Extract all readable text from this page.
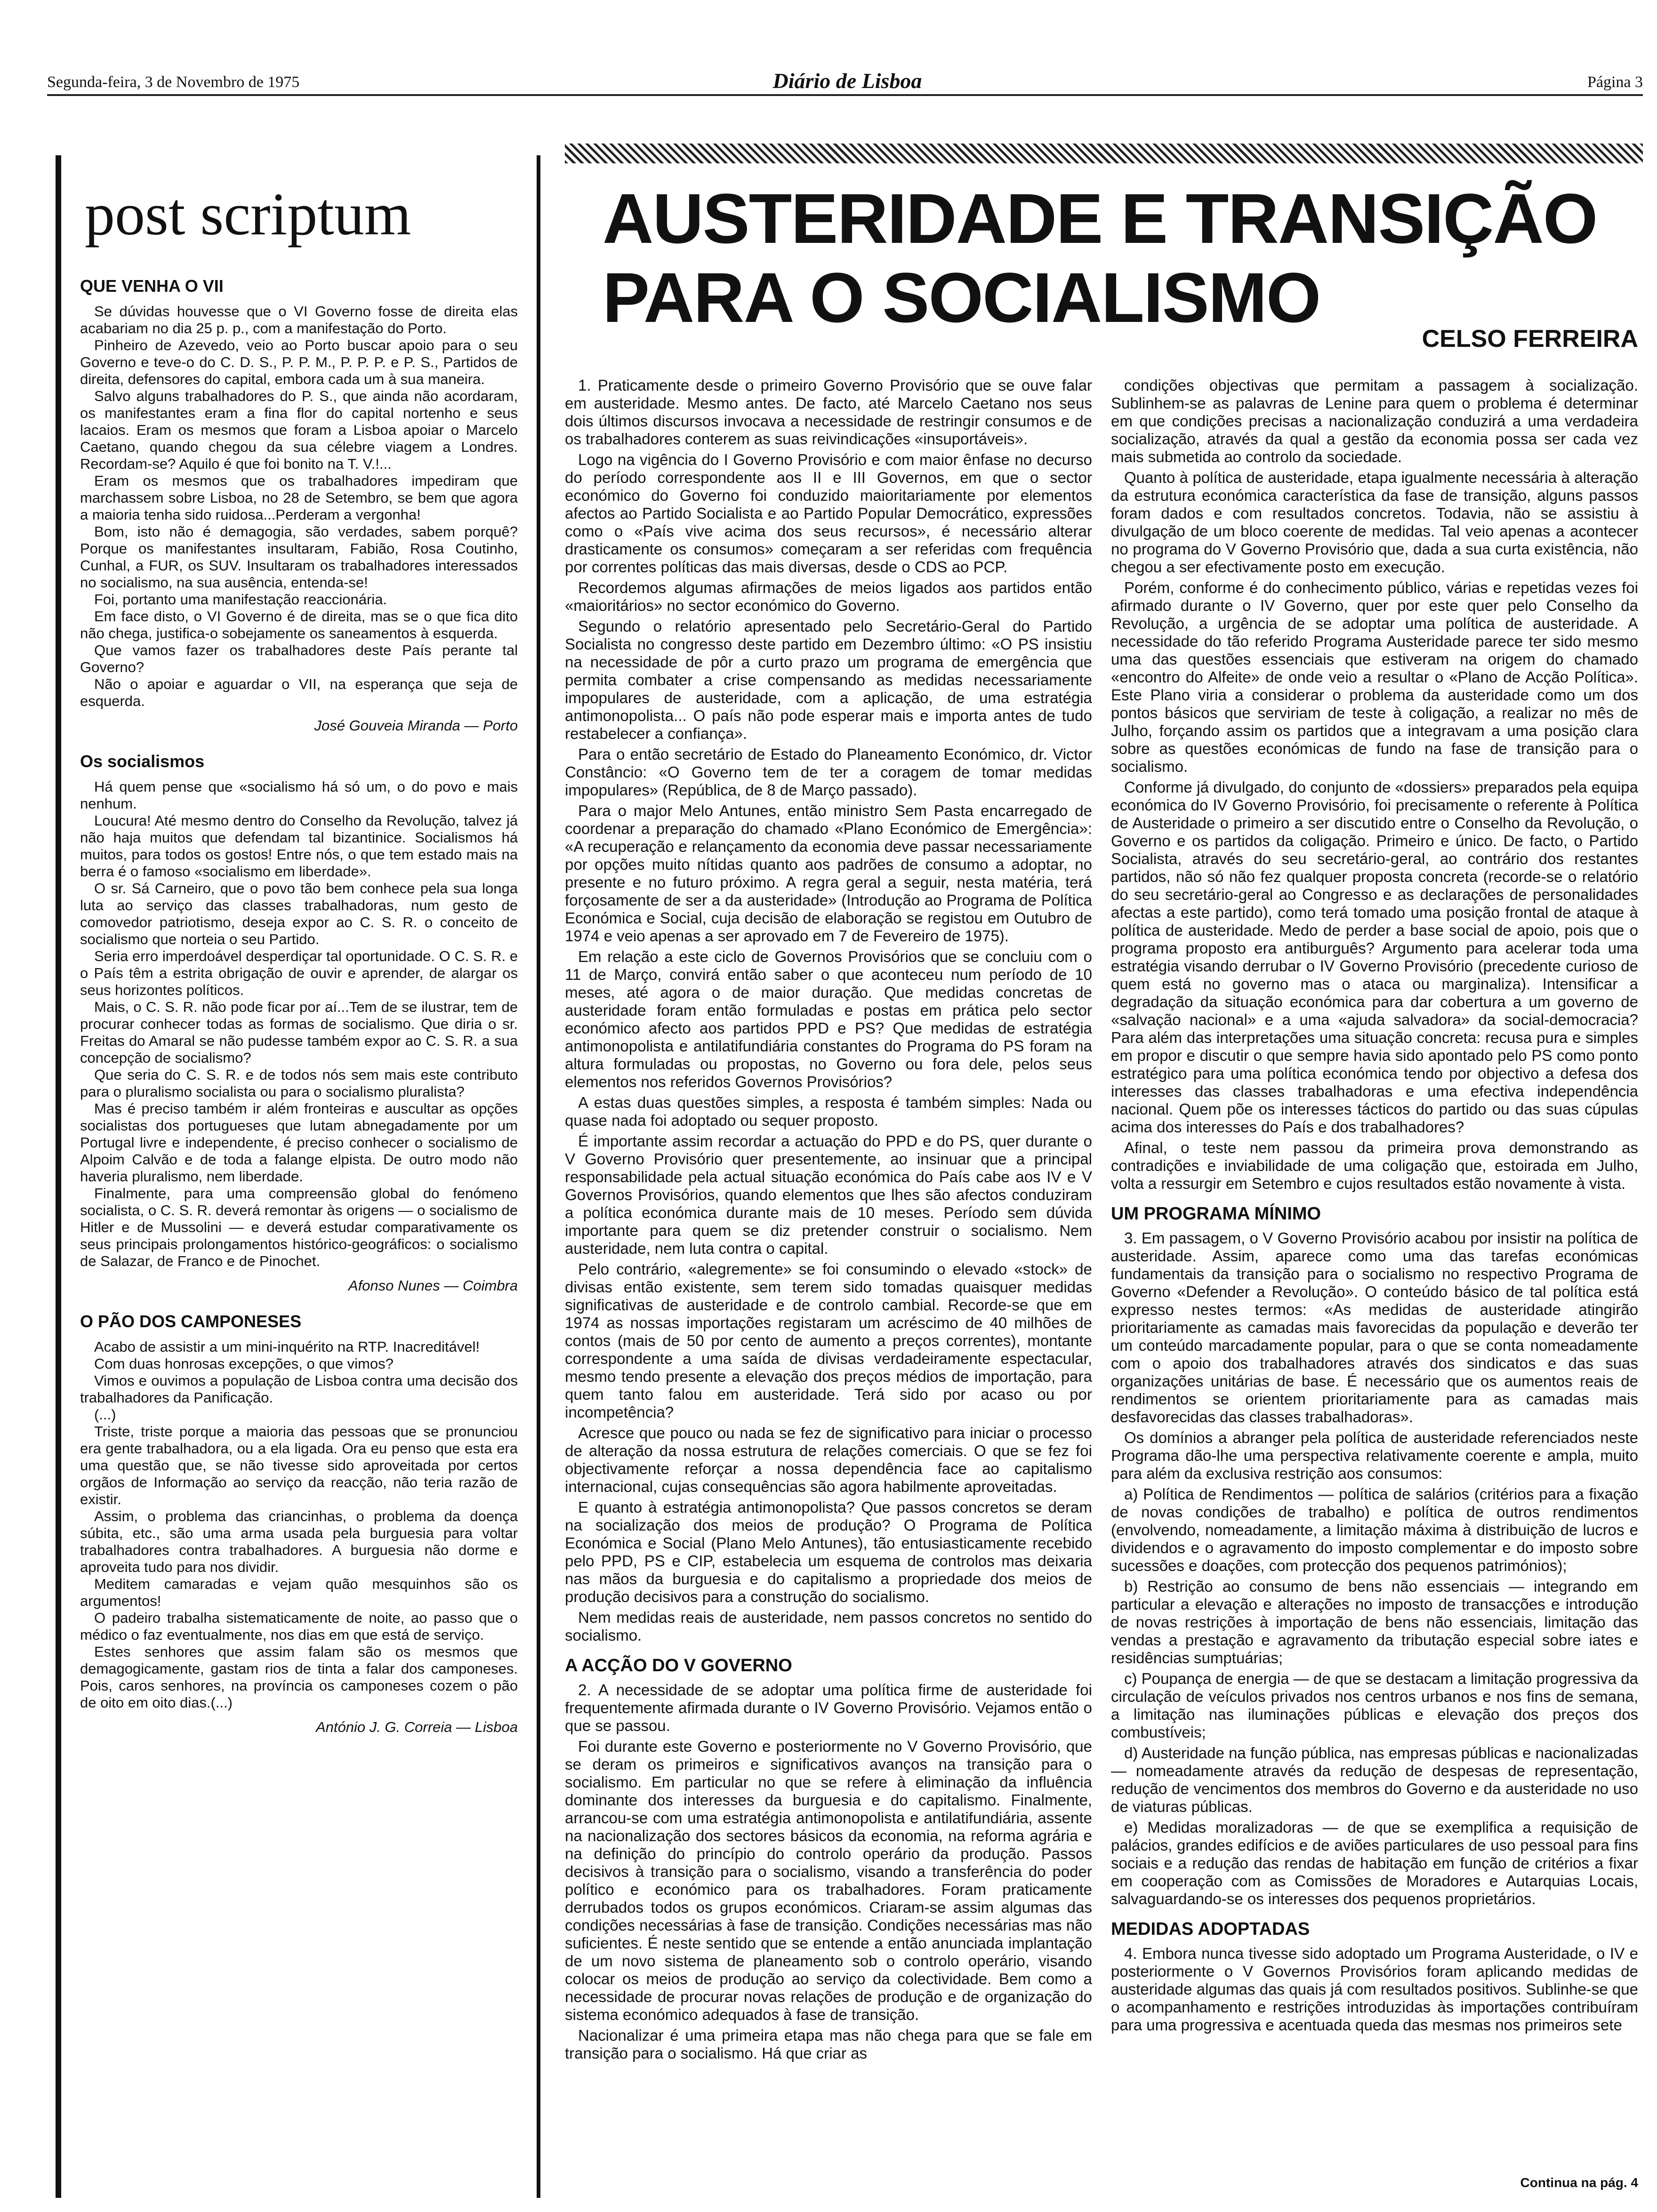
Segunda-feira, 3 de Novembro de 1975	Diário de Lisboa	Página 3
post scriptum
QUE VENHA O VII

Se dúvidas houvesse que o VI Governo fosse de direita elas acabariam no dia 25 p. p., com a manifestação do Porto.

Pinheiro de Azevedo, veio ao Porto buscar apoio para o seu Governo e teve-o do C. D. S., P. P. M., P. P. P. e P. S., Partidos de direita, defensores do capital, embora cada um à sua maneira.

Salvo alguns trabalhadores do P. S., que ainda não acordaram, os manifestantes eram a fina flor do capital nortenho e seus lacaios. Eram os mesmos que foram a Lisboa apoiar o Marcelo Caetano, quando chegou da sua célebre viagem a Londres. Recordam-se? Aquilo é que foi bonito na T. V.!...

Eram os mesmos que os trabalhadores impediram que marchassem sobre Lisboa, no 28 de Setembro, se bem que agora a maioria tenha sido ruidosa...Perderam a vergonha!

Bom, isto não é demagogia, são verdades, sabem porquê? Porque os manifestantes insultaram, Fabião, Rosa Coutinho, Cunhal, a FUR, os SUV. Insultaram os trabalhadores interessados no socialismo, na sua ausência, entenda-se!

Foi, portanto uma manifestação reaccionária.

Em face disto, o VI Governo é de direita, mas se o que fica dito não chega, justifica-o sobejamente os saneamentos à esquerda.

Que vamos fazer os trabalhadores deste País perante tal Governo?

Não o apoiar e aguardar o VII, na esperança que seja de esquerda.

José Gouveia Miranda — Porto

Os socialismos

Há quem pense que «socialismo há só um, o do povo e mais nenhum.

Loucura! Até mesmo dentro do Conselho da Revolução, talvez já não haja muitos que defendam tal bizantinice. Socialismos há muitos, para todos os gostos! Entre nós, o que tem estado mais na berra é o famoso «socialismo em liberdade».

O sr. Sá Carneiro, que o povo tão bem conhece pela sua longa luta ao serviço das classes trabalhadoras, num gesto de comovedor patriotismo, deseja expor ao C. S. R. o conceito de socialismo que norteia o seu Partido.

Seria erro imperdoável desperdiçar tal oportunidade. O C. S. R. e o País têm a estrita obrigação de ouvir e aprender, de alargar os seus horizontes políticos.

Mais, o C. S. R. não pode ficar por aí...Tem de se ilustrar, tem de procurar conhecer todas as formas de socialismo. Que diria o sr. Freitas do Amaral se não pudesse também expor ao C. S. R. a sua concepção de socialismo?

Que seria do C. S. R. e de todos nós sem mais este contributo para o pluralismo socialista ou para o socialismo pluralista?

Mas é preciso também ir além fronteiras e auscultar as opções socialistas dos portugueses que lutam abnegadamente por um Portugal livre e independente, é preciso conhecer o socialismo de Alpoim Calvão e de toda a falange elpista. De outro modo não haveria pluralismo, nem liberdade.

Finalmente, para uma compreensão global do fenómeno socialista, o C. S. R. deverá remontar às origens — o socialismo de Hitler e de Mussolini — e deverá estudar comparativamente os seus principais prolongamentos histórico-geográficos: o socialismo de Salazar, de Franco e de Pinochet.

Afonso Nunes — Coimbra

O PÃO DOS CAMPONESES

Acabo de assistir a um mini-inquérito na RTP. Inacreditável!

Com duas honrosas excepções, o que vimos?

Vimos e ouvimos a população de Lisboa contra uma decisão dos trabalhadores da Panificação.

(...)

Triste, triste porque a maioria das pessoas que se pronunciou era gente trabalhadora, ou a ela ligada. Ora eu penso que esta era uma questão que, se não tivesse sido aproveitada por certos orgãos de Informação ao serviço da reacção, não teria razão de existir.

Assim, o problema das criancinhas, o problema da doença súbita, etc., são uma arma usada pela burguesia para voltar trabalhadores contra trabalhadores. A burguesia não dorme e aproveita tudo para nos dividir.

Meditem camaradas e vejam quão mesquinhos são os argumentos!

O padeiro trabalha sistematicamente de noite, ao passo que o médico o faz eventualmente, nos dias em que está de serviço.

Estes senhores que assim falam são os mesmos que demagogicamente, gastam rios de tinta a falar dos camponeses. Pois, caros senhores, na província os camponeses cozem o pão de oito em oito dias.(...)

António J. G. Correia — Lisboa

AUSTERIDADE E TRANSIÇÃO
PARA O SOCIALISMO
CELSO FERREIRA

1. Praticamente desde o primeiro Governo Provisório que se ouve falar em austeridade. Mesmo antes. De facto, até Marcelo Caetano nos seus dois últimos discursos invocava a necessidade de restringir consumos e de os trabalhadores conterem as suas reivindicações «insuportáveis».

Logo na vigência do I Governo Provisório e com maior ênfase no decurso do período correspondente aos II e III Governos, em que o sector económico do Governo foi conduzido maioritariamente por elementos afectos ao Partido Socialista e ao Partido Popular Democrático, expressões como o «País vive acima dos seus recursos», é necessário alterar drasticamente os consumos» começaram a ser referidas com frequência por correntes políticas das mais diversas, desde o CDS ao PCP.

Recordemos algumas afirmações de meios ligados aos partidos então «maioritários» no sector económico do Governo.

Segundo o relatório apresentado pelo Secretário-Geral do Partido Socialista no congresso deste partido em Dezembro último: «O PS insistiu na necessidade de pôr a curto prazo um programa de emergência que permita combater a crise compensando as medidas necessariamente impopulares de austeridade, com a aplicação, de uma estratégia antimonopolista... O país não pode esperar mais e importa antes de tudo restabelecer a confiança».

Para o então secretário de Estado do Planeamento Económico, dr. Victor Constâncio: «O Governo tem de ter a coragem de tomar medidas impopulares» (República, de 8 de Março passado).

Para o major Melo Antunes, então ministro Sem Pasta encarregado de coordenar a preparação do chamado «Plano Económico de Emergência»: «A recuperação e relançamento da economia deve passar necessariamente por opções muito nítidas quanto aos padrões de consumo a adoptar, no presente e no futuro próximo. A regra geral a seguir, nesta matéria, terá forçosamente de ser a da austeridade» (Introdução ao Programa de Política Económica e Social, cuja decisão de elaboração se registou em Outubro de 1974 e veio apenas a ser aprovado em 7 de Fevereiro de 1975).

Em relação a este ciclo de Governos Provisórios que se concluiu com o 11 de Março, convirá então saber o que aconteceu num período de 10 meses, até agora o de maior duração. Que medidas concretas de austeridade foram então formuladas e postas em prática pelo sector económico afecto aos partidos PPD e PS? Que medidas de estratégia antimonopolista e antilatifundiária constantes do Programa do PS foram na altura formuladas ou propostas, no Governo ou fora dele, pelos seus elementos nos referidos Governos Provisórios?

A estas duas questões simples, a resposta é também simples: Nada ou quase nada foi adoptado ou sequer proposto.

É importante assim recordar a actuação do PPD e do PS, quer durante o V Governo Provisório quer presentemente, ao insinuar que a principal responsabilidade pela actual situação económica do País cabe aos IV e V Governos Provisórios, quando elementos que lhes são afectos conduziram a política económica durante mais de 10 meses. Período sem dúvida importante para quem se diz pretender construir o socialismo. Nem austeridade, nem luta contra o capital.

Pelo contrário, «alegremente» se foi consumindo o elevado «stock» de divisas então existente, sem terem sido tomadas quaisquer medidas significativas de austeridade e de controlo cambial. Recorde-se que em 1974 as nossas importações registaram um acréscimo de 40 milhões de contos (mais de 50 por cento de aumento a preços correntes), montante correspondente a uma saída de divisas verdadeiramente espectacular, mesmo tendo presente a elevação dos preços médios de importação, para quem tanto falou em austeridade. Terá sido por acaso ou por incompetência?

Acresce que pouco ou nada se fez de significativo para iniciar o processo de alteração da nossa estrutura de relações comerciais. O que se fez foi objectivamente reforçar a nossa dependência face ao capitalismo internacional, cujas consequências são agora habilmente aproveitadas.

E quanto à estratégia antimonopolista? Que passos concretos se deram na socialização dos meios de produção? O Programa de Política Económica e Social (Plano Melo Antunes), tão entusiasticamente recebido pelo PPD, PS e CIP, estabelecia um esquema de controlos mas deixaria nas mãos da burguesia e do capitalismo a propriedade dos meios de produção decisivos para a construção do socialismo.

Nem medidas reais de austeridade, nem passos concretos no sentido do socialismo.

A ACÇÃO DO V GOVERNO

2. A necessidade de se adoptar uma política firme de austeridade foi frequentemente afirmada durante o IV Governo Provisório. Vejamos então o que se passou.

Foi durante este Governo e posteriormente no V Governo Provisório, que se deram os primeiros e significativos avanços na transição para o socialismo. Em particular no que se refere à eliminação da influência dominante dos interesses da burguesia e do capitalismo. Finalmente, arrancou-se com uma estratégia antimonopolista e antilatifundiária, assente na nacionalização dos sectores básicos da economia, na reforma agrária e na definição do princípio do controlo operário da produção. Passos decisivos à transição para o socialismo, visando a transferência do poder político e económico para os trabalhadores. Foram praticamente derrubados todos os grupos económicos. Criaram-se assim algumas das condições necessárias à fase de transição. Condições necessárias mas não suficientes. É neste sentido que se entende a então anunciada implantação de um novo sistema de planeamento sob o controlo operário, visando colocar os meios de produção ao serviço da colectividade. Bem como a necessidade de procurar novas relações de produção e de organização do sistema económico adequados à fase de transição.

Nacionalizar é uma primeira etapa mas não chega para que se fale em transição para o socialismo. Há que criar as

condições objectivas que permitam a passagem à socialização. Sublinhem-se as palavras de Lenine para quem o problema é determinar em que condições precisas a nacionalização conduzirá a uma verdadeira socialização, através da qual a gestão da economia possa ser cada vez mais submetida ao controlo da sociedade.

Quanto à política de austeridade, etapa igualmente necessária à alteração da estrutura económica característica da fase de transição, alguns passos foram dados e com resultados concretos. Todavia, não se assistiu à divulgação de um bloco coerente de medidas. Tal veio apenas a acontecer no programa do V Governo Provisório que, dada a sua curta existência, não chegou a ser efectivamente posto em execução.

Porém, conforme é do conhecimento público, várias e repetidas vezes foi afirmado durante o IV Governo, quer por este quer pelo Conselho da Revolução, a urgência de se adoptar uma política de austeridade. A necessidade do tão referido Programa Austeridade parece ter sido mesmo uma das questões essenciais que estiveram na origem do chamado «encontro do Alfeite» de onde veio a resultar o «Plano de Acção Política». Este Plano viria a considerar o problema da austeridade como um dos pontos básicos que serviriam de teste à coligação, a realizar no mês de Julho, forçando assim os partidos que a integravam a uma posição clara sobre as questões económicas de fundo na fase de transição para o socialismo.

Conforme já divulgado, do conjunto de «dossiers» preparados pela equipa económica do IV Governo Provisório, foi precisamente o referente à Política de Austeridade o primeiro a ser discutido entre o Conselho da Revolução, o Governo e os partidos da coligação. Primeiro e único. De facto, o Partido Socialista, através do seu secretário-geral, ao contrário dos restantes partidos, não só não fez qualquer proposta concreta (recorde-se o relatório do seu secretário-geral ao Congresso e as declarações de personalidades afectas a este partido), como terá tomado uma posição frontal de ataque à política de austeridade. Medo de perder a base social de apoio, pois que o programa proposto era antiburguês? Argumento para acelerar toda uma estratégia visando derrubar o IV Governo Provisório (precedente curioso de quem está no governo mas o ataca ou marginaliza). Intensificar a degradação da situação económica para dar cobertura a um governo de «salvação nacional» e a uma «ajuda salvadora» da social-democracia? Para além das interpretações uma situação concreta: recusa pura e simples em propor e discutir o que sempre havia sido apontado pelo PS como ponto estratégico para uma política económica tendo por objectivo a defesa dos interesses das classes trabalhadoras e uma efectiva independência nacional. Quem põe os interesses tácticos do partido ou das suas cúpulas acima dos interesses do País e dos trabalhadores?

Afinal, o teste nem passou da primeira prova demonstrando as contradições e inviabilidade de uma coligação que, estoirada em Julho, volta a ressurgir em Setembro e cujos resultados estão novamente à vista.

UM PROGRAMA MÍNIMO

3. Em passagem, o V Governo Provisório acabou por insistir na política de austeridade. Assim, aparece como uma das tarefas económicas fundamentais da transição para o socialismo no respectivo Programa de Governo «Defender a Revolução». O conteúdo básico de tal política está expresso nestes termos: «As medidas de austeridade atingirão prioritariamente as camadas mais favorecidas da população e deverão ter um conteúdo marcadamente popular, para o que se conta nomeadamente com o apoio dos trabalhadores através dos sindicatos e das suas organizações unitárias de base. É necessário que os aumentos reais de rendimentos se orientem prioritariamente para as camadas mais desfavorecidas das classes trabalhadoras».

Os domínios a abranger pela política de austeridade referenciados neste Programa dão-lhe uma perspectiva relativamente coerente e ampla, muito para além da exclusiva restrição aos consumos:

a) Política de Rendimentos — política de salários (critérios para a fixação de novas condições de trabalho) e política de outros rendimentos (envolvendo, nomeadamente, a limitação máxima à distribuição de lucros e dividendos e o agravamento do imposto complementar e do imposto sobre sucessões e doações, com protecção dos pequenos patrimónios);

b) Restrição ao consumo de bens não essenciais — integrando em particular a elevação e alterações no imposto de transacções e introdução de novas restrições à importação de bens não essenciais, limitação das vendas a prestação e agravamento da tributação especial sobre iates e residências sumptuárias;

c) Poupança de energia — de que se destacam a limitação progressiva da circulação de veículos privados nos centros urbanos e nos fins de semana, a limitação nas iluminações públicas e elevação dos preços dos combustíveis;

d) Austeridade na função pública, nas empresas públicas e nacionalizadas — nomeadamente através da redução de despesas de representação, redução de vencimentos dos membros do Governo e da austeridade no uso de viaturas públicas.

e) Medidas moralizadoras — de que se exemplifica a requisição de palácios, grandes edifícios e de aviões particulares de uso pessoal para fins sociais e a redução das rendas de habitação em função de critérios a fixar em cooperação com as Comissões de Moradores e Autarquias Locais, salvaguardando-se os interesses dos pequenos proprietários.

MEDIDAS ADOPTADAS

4. Embora nunca tivesse sido adoptado um Programa Austeridade, o IV e posteriormente o V Governos Provisórios foram aplicando medidas de austeridade algumas das quais já com resultados positivos. Sublinhe-se que o acompanhamento e restrições introduzidas às importações contribuíram para uma progressiva e acentuada queda das mesmas nos primeiros sete

Continua na pág. 4
